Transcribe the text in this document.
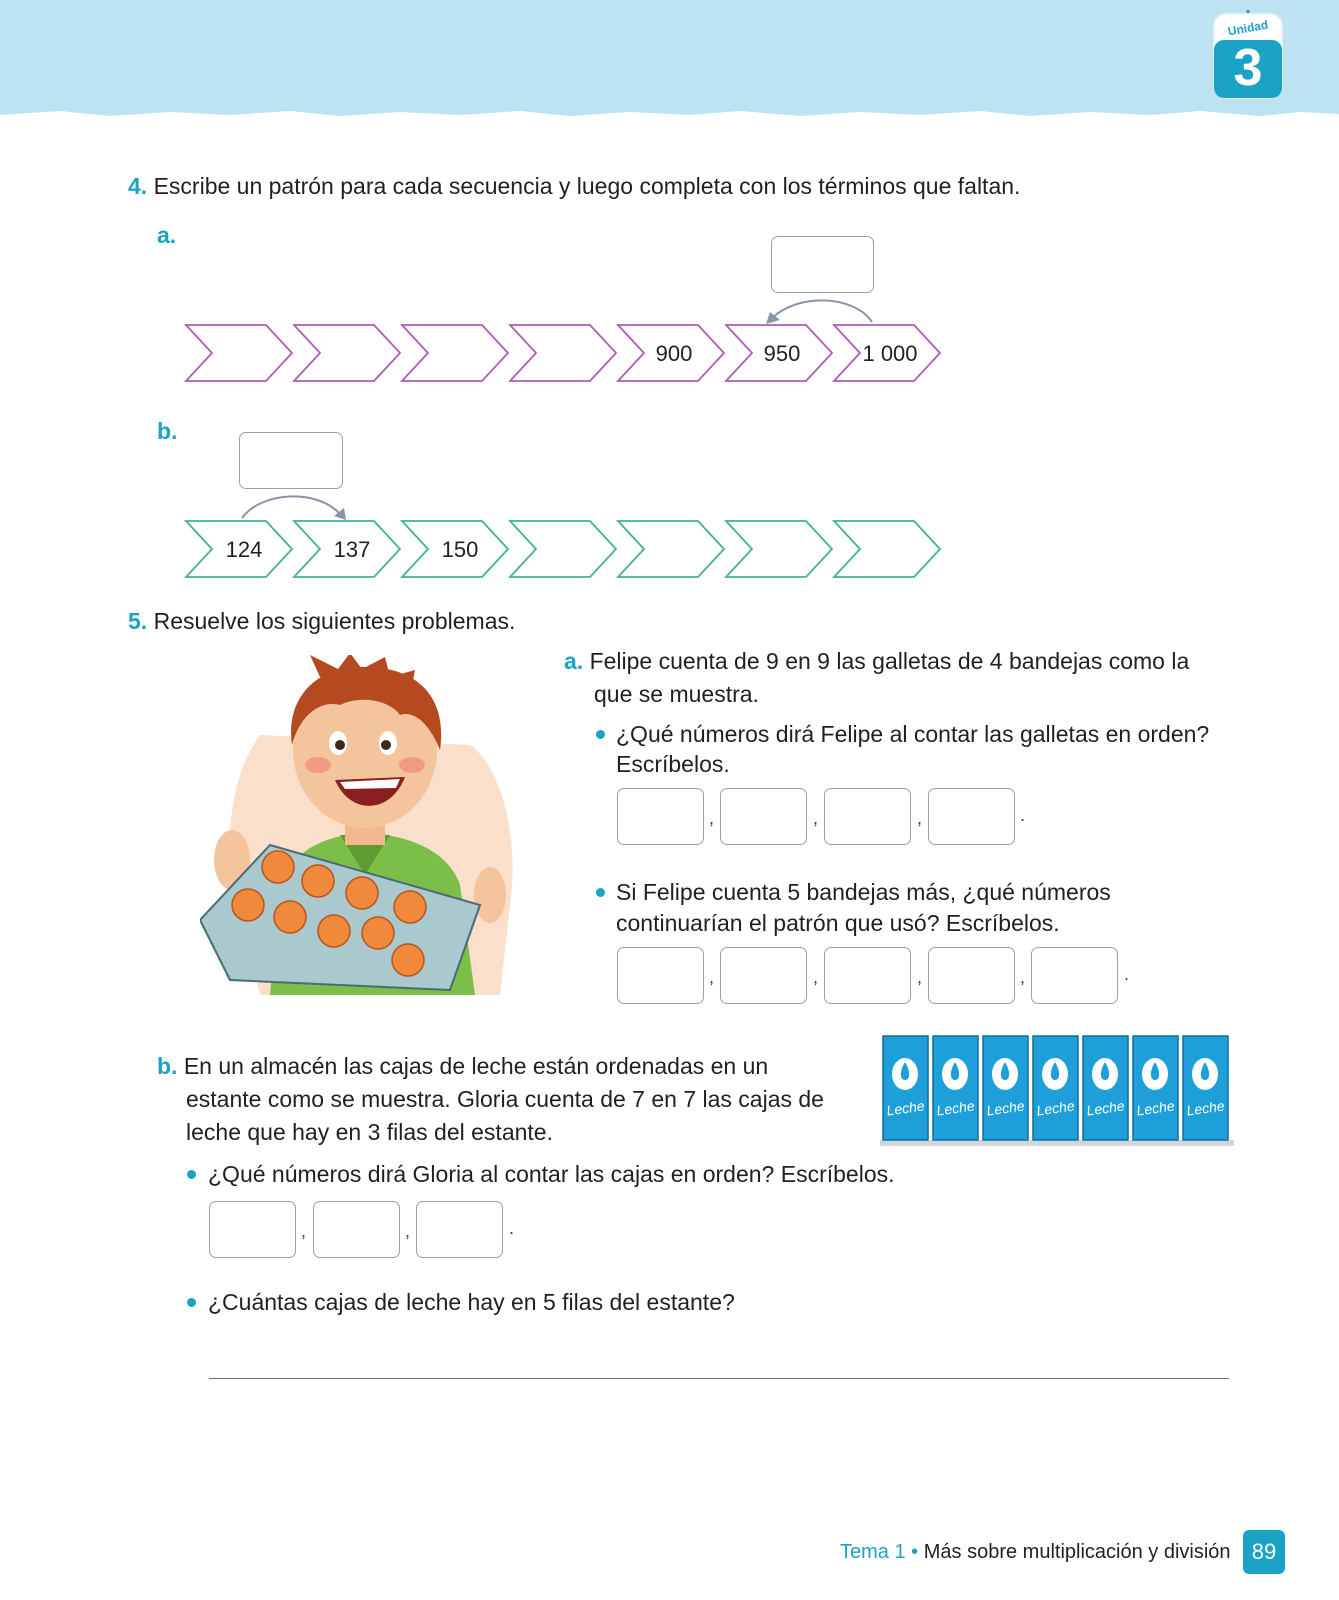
Unidad
3
4. Escribe un patrón para cada secuencia y luego completa con los términos que faltan.
a.
900	950	1 000
b.
124	137	150
5. Resuelve los siguientes problemas.
a. Felipe cuenta de 9 en 9 las galletas de 4 bandejas como la
que se muestra.
¿Qué números dirá Felipe al contar las galletas en orden?
Escríbelos.
,	,	,	.
Si Felipe cuenta 5 bandejas más, ¿qué números
continuarían el patrón que usó? Escríbelos.
,	,	,	,	.
b. En un almacén las cajas de leche están ordenadas en un
estante como se muestra. Gloria cuenta de 7 en 7 las cajas de
leche que hay en 3 filas del estante.
Leche Leche Leche Leche Leche Leche Leche
¿Qué números dirá Gloria al contar las cajas en orden? Escríbelos.
,	,	.
¿Cuántas cajas de leche hay en 5 filas del estante?
Tema 1 • Más sobre multiplicación y división 89
